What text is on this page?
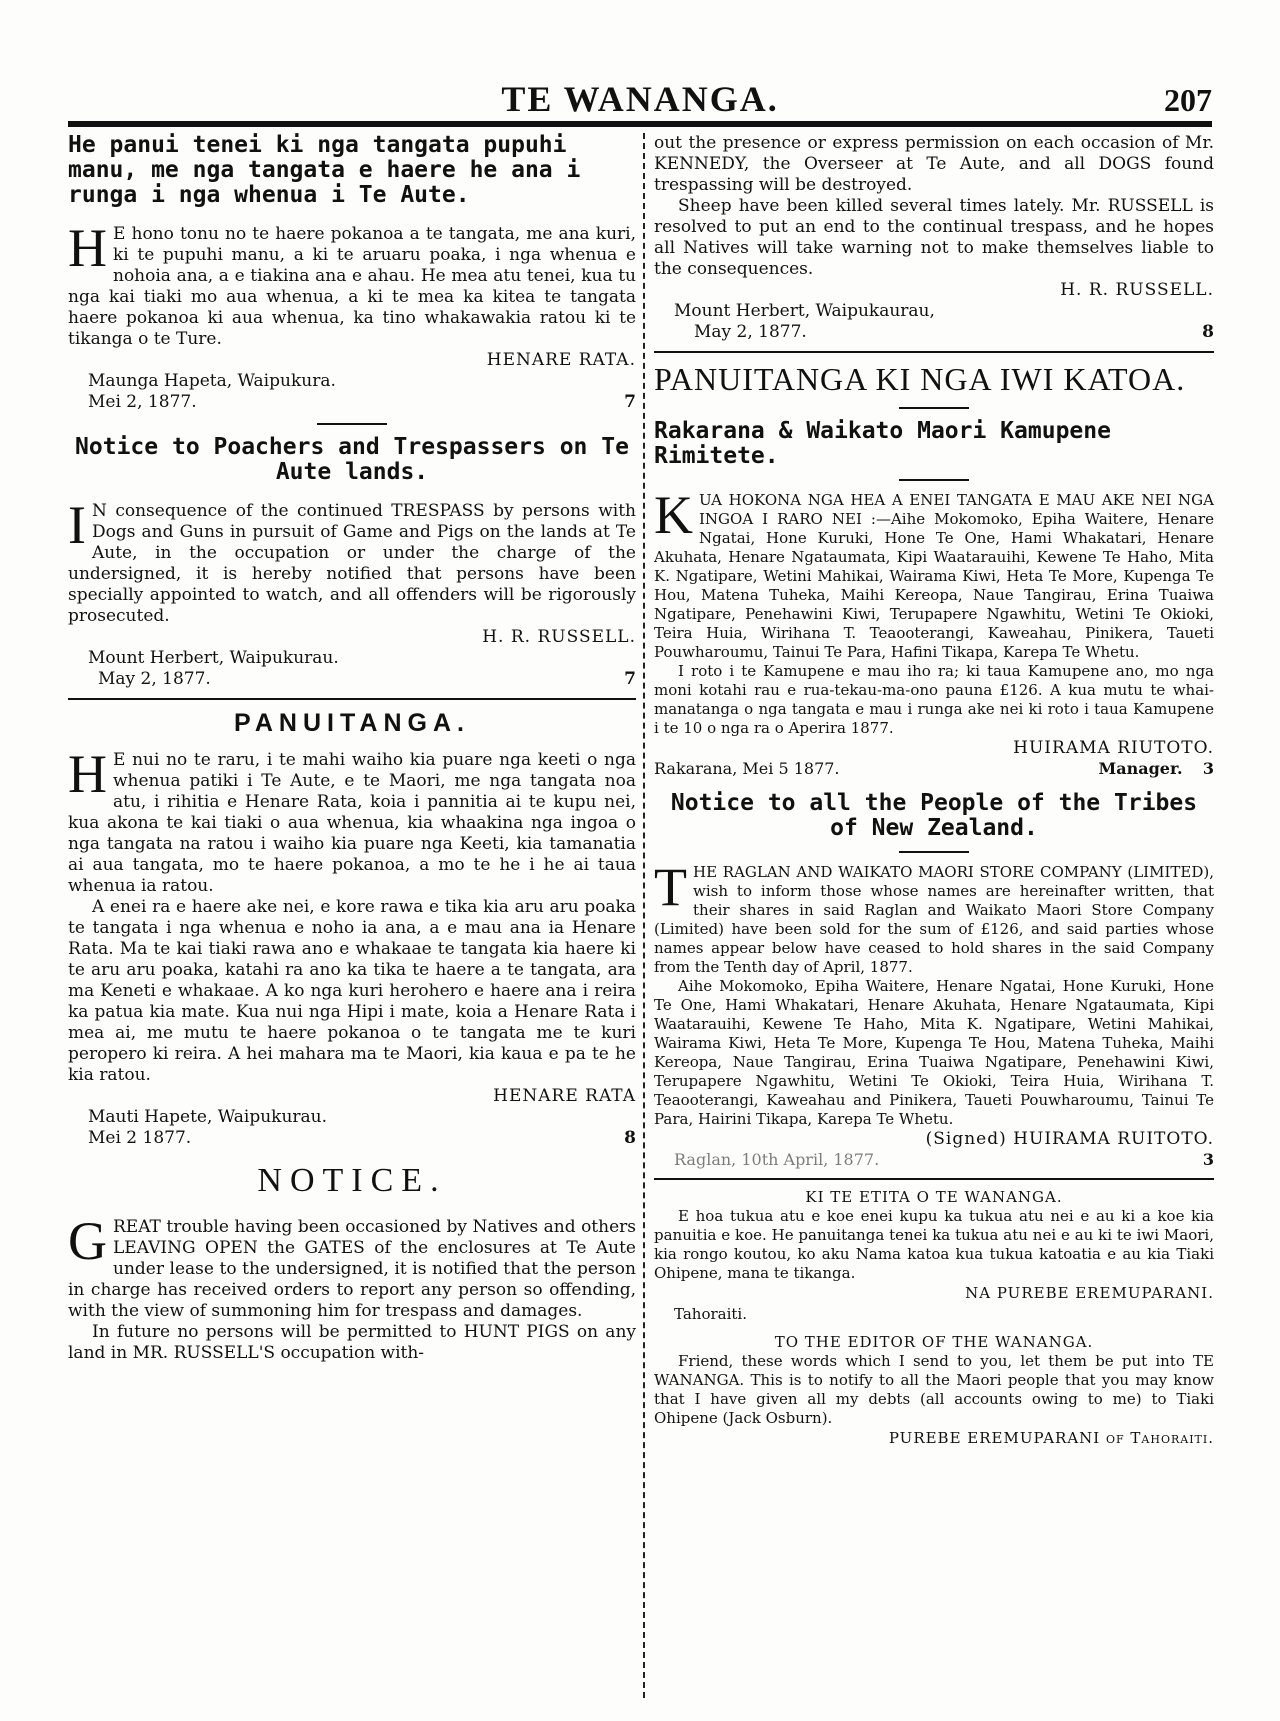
TE WANANGA.	207

He panui tenei ki nga tangata pupuhi manu, me nga tangata e haere he ana i runga i nga whenua i Te Aute.

H E hono tonu no te haere pokanoa a te tangata, me ana kuri, ki te pupuhi manu, a ki te aruaru poaka, i nga whenua e nohoia ana, a e tiakina ana e ahau. He mea atu tenei, kua tu nga kai tiaki mo aua whenua, a ki te mea ka kitea te tangata haere pokanoa ki aua whenua, ka tino whakawakia ratou ki te tikanga o te Ture.

HENARE RATA.

Maunga Hapeta, Waipukura.

Mei 2, 1877.	7

Notice to Poachers and Trespassers on Te Aute lands.

I N consequence of the continued TRESPASS by persons with Dogs and Guns in pursuit of Game and Pigs on the lands at Te Aute, in the occupation or under the charge of the undersigned, it is hereby notified that persons have been specially appointed to watch, and all offenders will be rigorously prosecuted.

H. R. RUSSELL.

Mount Herbert, Waipukurau.

May 2, 1877.	7

PANUITANGA.

H E nui no te raru, i te mahi waiho kia puare nga keeti o nga whenua patiki i Te Aute, e te Maori, me nga tangata noa atu, i rihitia e Henare Rata, koia i pannitia ai te kupu nei, kua akona te kai tiaki o aua whenua, kia whaakina nga ingoa o nga tangata na ratou i waiho kia puare nga Keeti, kia tamanatia ai aua tangata, mo te haere pokanoa, a mo te he i he ai taua whenua ia ratou.

A enei ra e haere ake nei, e kore rawa e tika kia aru aru poaka te tangata i nga whenua e noho ia ana, a e mau ana ia Henare Rata. Ma te kai tiaki rawa ano e whakaae te tangata kia haere ki te aru aru poaka, katahi ra ano ka tika te haere a te tangata, ara ma Keneti e whakaae. A ko nga kuri herohero e haere ana i reira ka patua kia mate. Kua nui nga Hipi i mate, koia a Henare Rata i mea ai, me mutu te haere pokanoa o te tangata me te kuri peropero ki reira. A hei mahara ma te Maori, kia kaua e pa te he kia ratou.

HENARE RATA

Mauti Hapete, Waipukurau.

Mei 2 1877.	8

NOTICE.

GREAT trouble having been occasioned by Natives and others LEAVING OPEN the GATES of the enclosures at Te Aute under lease to the undersigned, it is notified that the person in charge has received orders to report any person so offending, with the view of summoning him for trespass and damages.

In future no persons will be permitted to HUNT PIGS on any land in MR. RUSSELL'S occupation with-

out the presence or express permission on each occasion of Mr. KENNEDY, the Overseer at Te Aute, and all DOGS found trespassing will be destroyed.

Sheep have been killed several times lately. Mr. RUSSELL is resolved to put an end to the continual trespass, and he hopes all Natives will take warning not to make themselves liable to the consequences.

H. R. RUSSELL.

Mount Herbert, Waipukaurau,

May 2, 1877.	8

PANUITANGA KI NGA IWI KATOA.

Rakarana & Waikato Maori Kamupene Rimitete.

KUA HOKONA NGA HEA A ENEI TANGATA E MAU AKE NEI NGA INGOA I RARO NEI :—Aihe Mokomoko, Epiha Waitere, Henare Ngatai, Hone Kuruki, Hone Te One, Hami Whakatari, Henare Akuhata, Henare Ngataumata, Kipi Waatarauihi, Kewene Te Haho, Mita K. Ngatipare, Wetini Mahikai, Wairama Kiwi, Heta Te More, Kupenga Te Hou, Matena Tuheka, Maihi Kereopa, Naue Tangirau, Erina Tuaiwa Ngatipare, Penehawini Kiwi, Terupapere Ngawhitu, Wetini Te Okioki, Teira Huia, Wirihana T. Teaooterangi, Kaweahau, Pinikera, Taueti Pouwharoumu, Tainui Te Para, Hafini Tikapa, Karepa Te Whetu.

I roto i te Kamupene e mau iho ra; ki taua Kamupene ano, mo nga moni kotahi rau e rua-tekau-ma-ono pauna £126. A kua mutu te whai-manatanga o nga tangata e mau i runga ake nei ki roto i taua Kamupene i te 10 o nga ra o Aperira 1877.

HUIRAMA RIUTOTO.

Rakarana, Mei 5 1877.	Manager. 3

Notice to all the People of the Tribes of New Zealand.

THE RAGLAN AND WAIKATO MAORI STORE COMPANY (LIMITED), wish to inform those whose names are hereinafter written, that their shares in said Raglan and Waikato Maori Store Company (Limited) have been sold for the sum of £126, and said parties whose names appear below have ceased to hold shares in the said Company from the Tenth day of April, 1877.

Aihe Mokomoko, Epiha Waitere, Henare Ngatai, Hone Kuruki, Hone Te One, Hami Whakatari, Henare Akuhata, Henare Ngataumata, Kipi Waatarauihi, Kewene Te Haho, Mita K. Ngatipare, Wetini Mahikai, Wairama Kiwi, Heta Te More, Kupenga Te Hou, Matena Tuheka, Maihi Kereopa, Naue Tangirau, Erina Tuaiwa Ngatipare, Penehawini Kiwi, Terupapere Ngawhitu, Wetini Te Okioki, Teira Huia, Wirihana T. Teaooterangi, Kaweahau and Pinikera, Taueti Pouwharoumu, Tainui Te Para, Hairini Tikapa, Karepa Te Whetu.

(Signed) HUIRAMA RUITOTO.

Raglan, 10th April, 1877.	3

KI TE ETITA O TE WANANGA.

E hoa tukua atu e koe enei kupu ka tukua atu nei e au ki a koe kia panuitia e koe. He panuitanga tenei ka tukua atu nei e au ki te iwi Maori, kia rongo koutou, ko aku Nama katoa kua tukua katoatia e au kia Tiaki Ohipene, mana te tikanga.

NA PUREBE EREMUPARANI.

Tahoraiti.

TO THE EDITOR OF THE WANANGA.

Friend, these words which I send to you, let them be put into TE WANANGA. This is to notify to all the Maori people that you may know that I have given all my debts (all accounts owing to me) to Tiaki Ohipene (Jack Osburn).

PUREBE EREMUPARANI of Tahoraiti.
